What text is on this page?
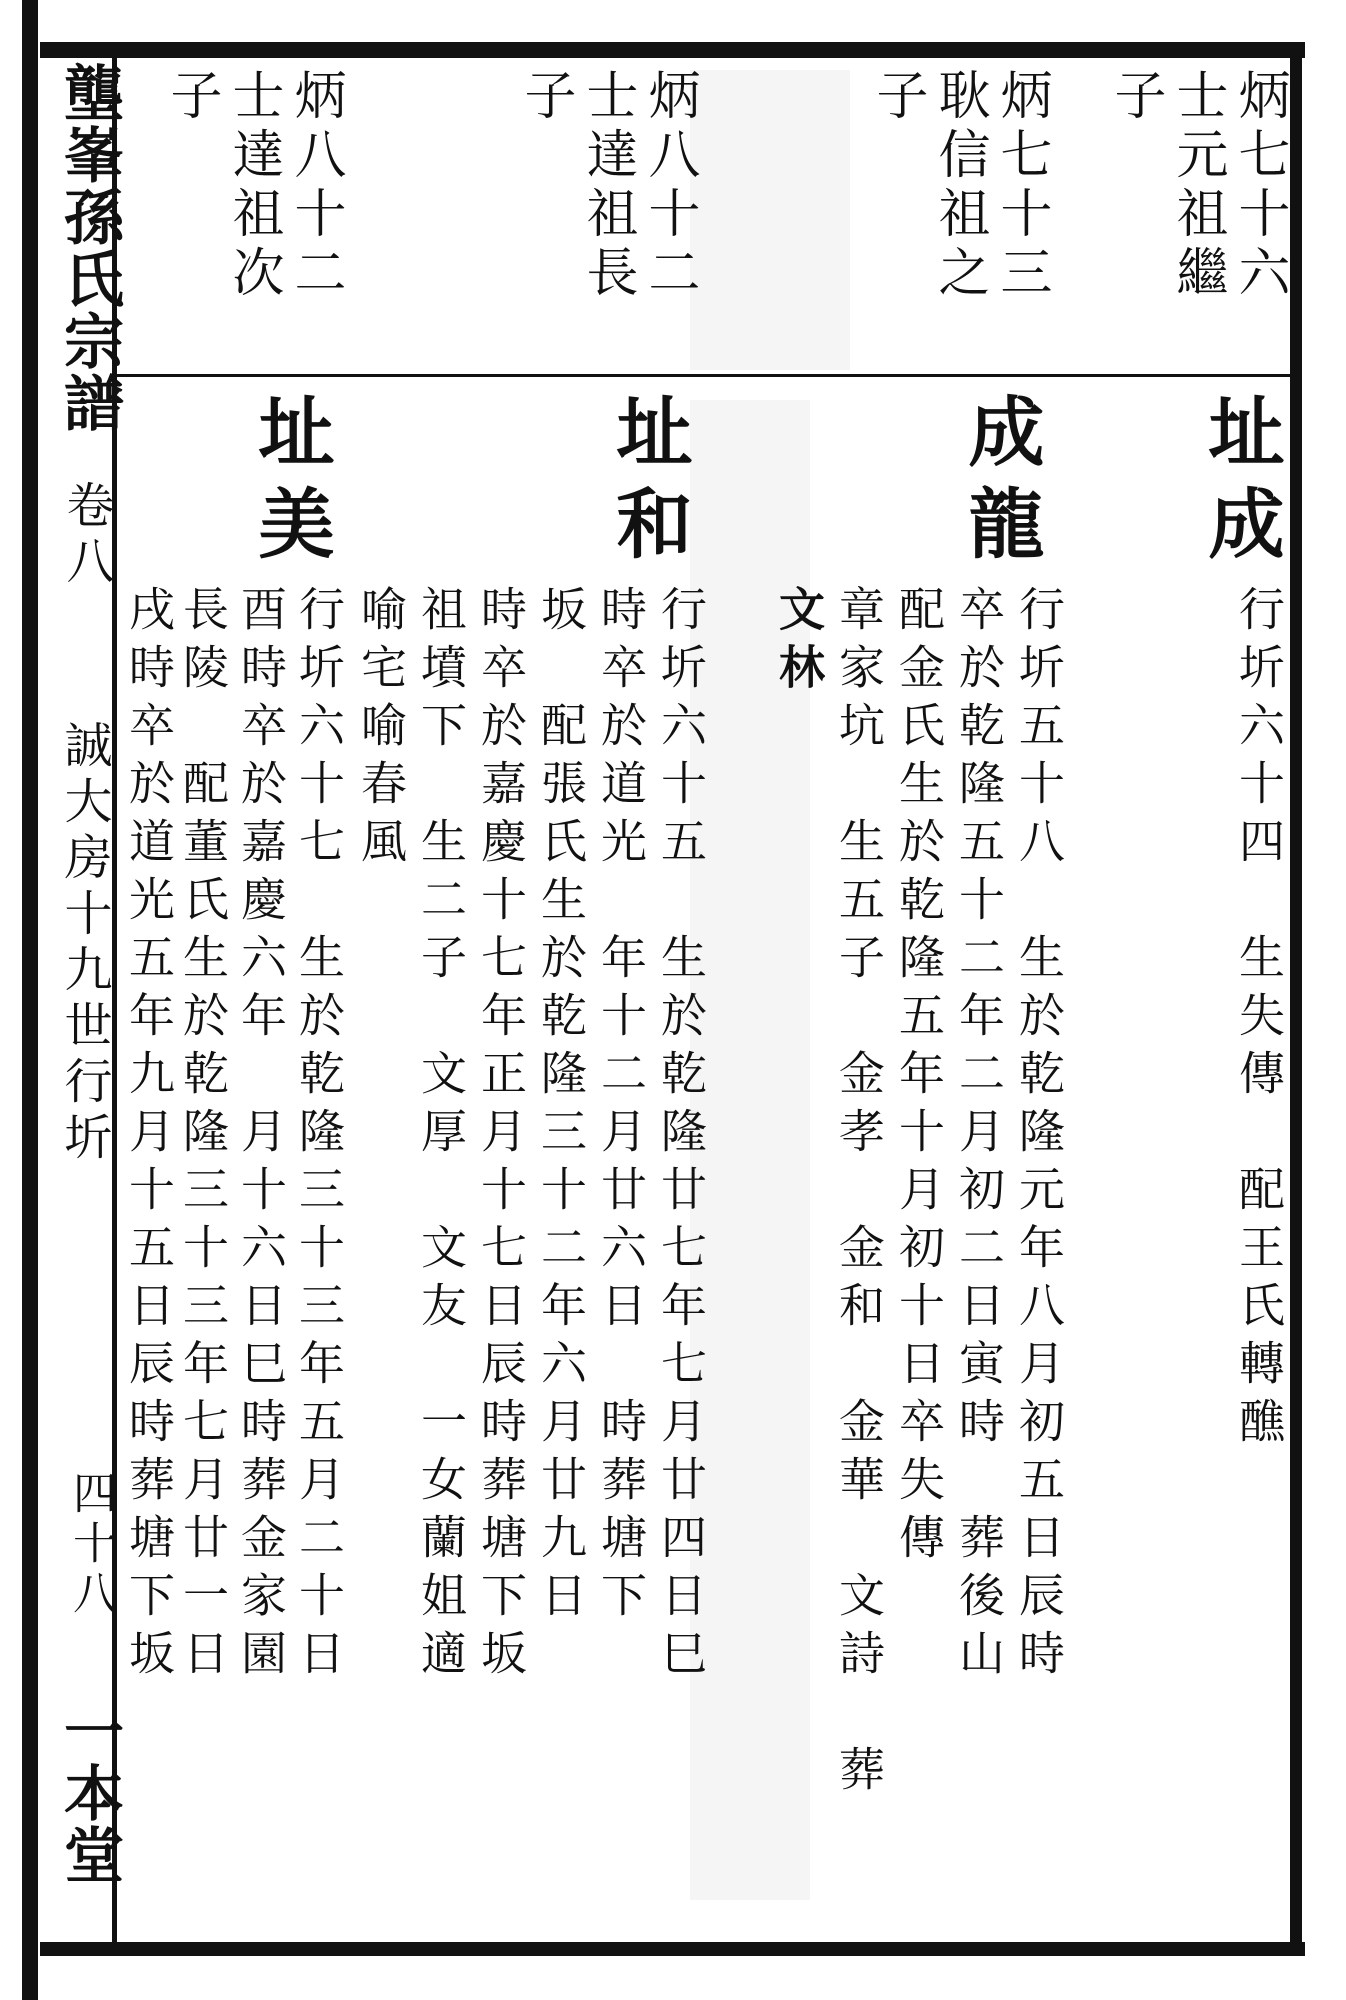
壟峯孫氏宗譜
卷八
誠大房十九世行圻
四十八
一本堂
炳七十六
士元祖繼
子
址成
行圻六十四　生失傳　配王氏轉醮
炳七十三
耿信祖之
子
成龍
行圻五十八　生於乾隆元年八月初五日辰時
卒於乾隆五十二年二月初二日寅時　葬後山
配金氏生於乾隆五年十月初十日卒失傳
章家坑　生五子　金孝　金和　金華　文詩　葬
文林
炳八十二
士達祖長
子
址和
行圻六十五　生於乾隆廿七年七月廿四日巳
時卒於道光　年十二月廿六日　時葬塘下
坂　配張氏生於乾隆三十二年六月廿九日
時卒於嘉慶十七年正月十七日辰時葬塘下坂
祖墳下　生二子　文厚　文友　一女蘭姐適
喻宅喻春風
炳八十二
士達祖次
子
址美
行圻六十七　生於乾隆三十三年五月二十日
酉時卒於嘉慶六年　月十六日巳時葬金家園
長陵　配董氏生於乾隆三十三年七月廿一日
戌時卒於道光五年九月十五日辰時葬塘下坂
